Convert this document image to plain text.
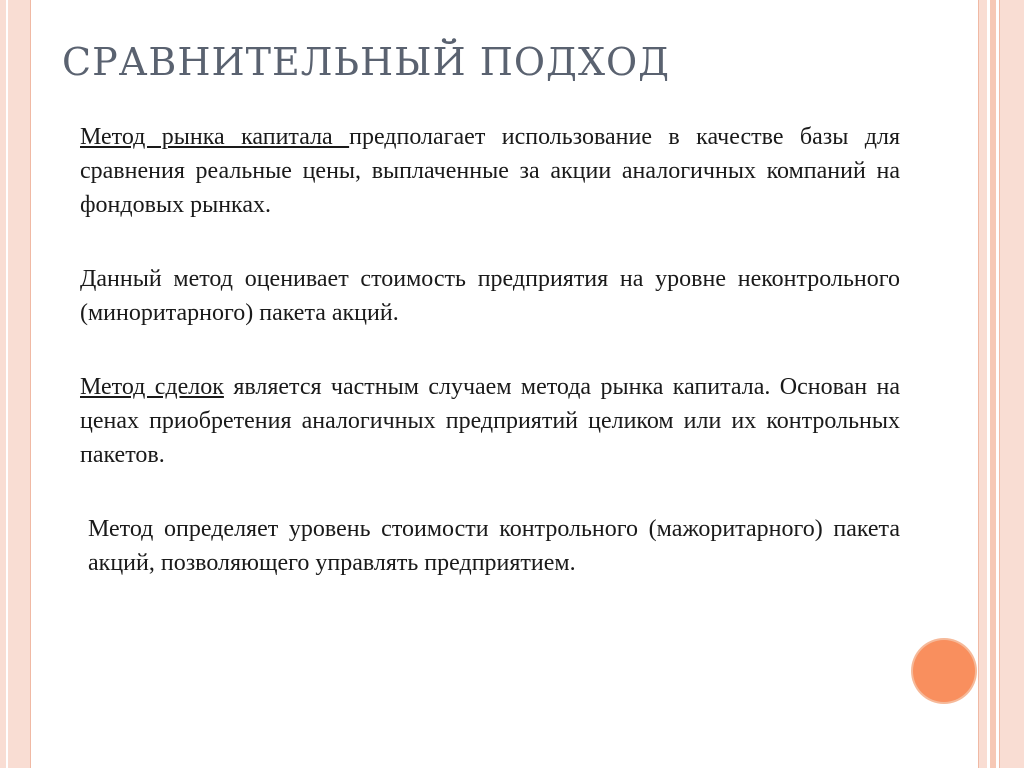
СРАВНИТЕЛЬНЫЙ ПОДХОД

Метод рынка капитала предполагает использование в качестве базы для сравнения реальные цены, выплаченные за акции аналогичных компаний на фондовых рынках.

Данный метод оценивает стоимость предприятия на уровне неконтрольного (миноритарного) пакета акций.

Метод сделок является частным случаем метода рынка капитала. Основан на ценах приобретения аналогичных предприятий целиком или их контрольных пакетов.

Метод определяет уровень стоимости контрольного (мажоритарного) пакета акций, позволяющего управлять предприятием.
